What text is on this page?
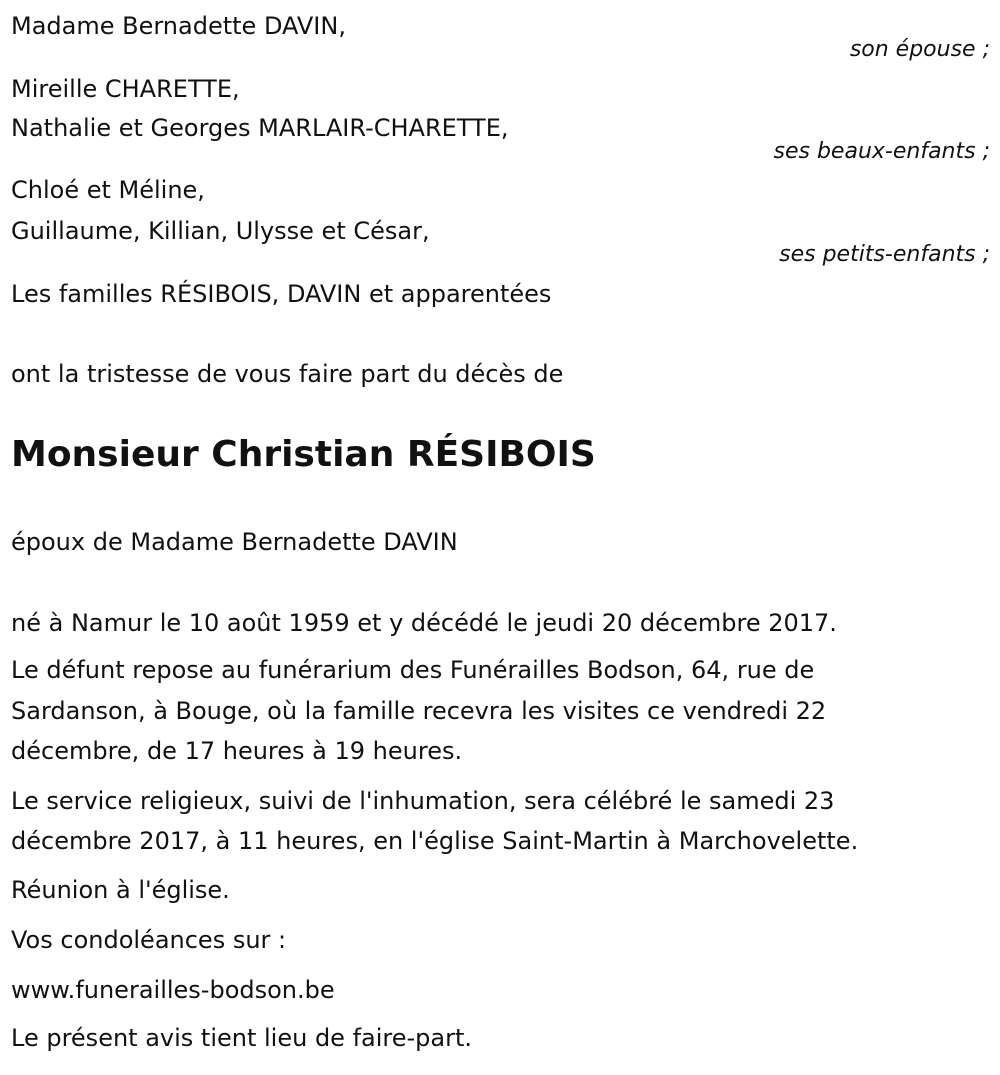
Madame Bernadette DAVIN,
son épouse ;
Mireille CHARETTE,
Nathalie et Georges MARLAIR-CHARETTE,
ses beaux-enfants ;
Chloé et Méline,
Guillaume, Killian, Ulysse et César,
ses petits-enfants ;
Les familles RÉSIBOIS, DAVIN et apparentées
ont la tristesse de vous faire part du décès de
Monsieur Christian RÉSIBOIS
époux de Madame Bernadette DAVIN
né à Namur le 10 août 1959 et y décédé le jeudi 20 décembre 2017.
Le défunt repose au funérarium des Funérailles Bodson, 64, rue de
Sardanson, à Bouge, où la famille recevra les visites ce vendredi 22
décembre, de 17 heures à 19 heures.
Le service religieux, suivi de l'inhumation, sera célébré le samedi 23
décembre 2017, à 11 heures, en l'église Saint-Martin à Marchovelette.
Réunion à l'église.
Vos condoléances sur :
www.funerailles-bodson.be
Le présent avis tient lieu de faire-part.
